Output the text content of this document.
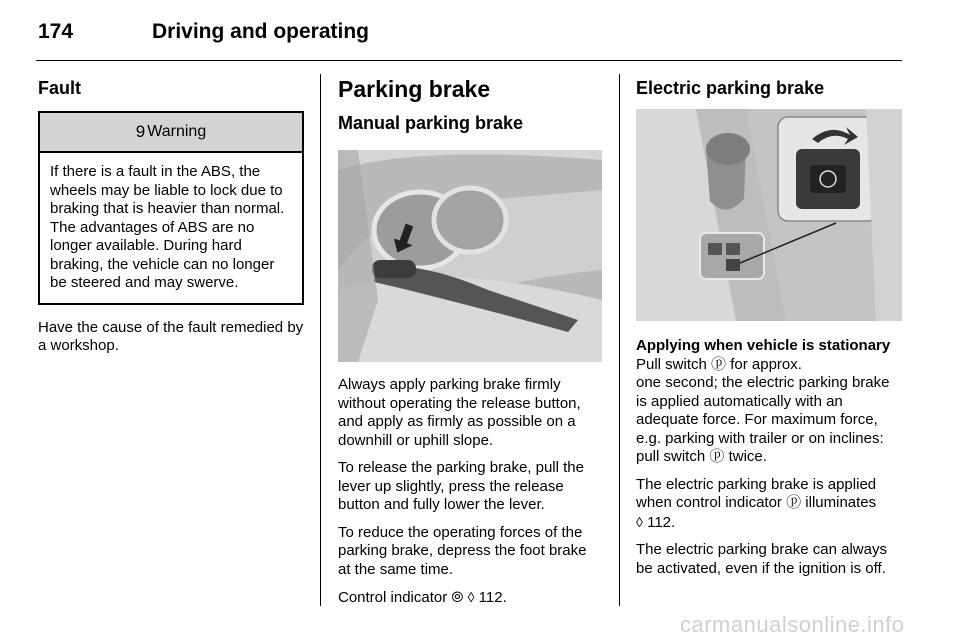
174	Driving and operating
Fault
9 Warning
If there is a fault in the ABS, the wheels may be liable to lock due to braking that is heavier than normal. The advantages of ABS are no longer available. During hard braking, the vehicle can no longer be steered and may swerve.

Have the cause of the fault remedied by a workshop.

Parking brake
Manual parking brake

Always apply parking brake firmly without operating the release button, and apply as firmly as possible on a downhill or uphill slope.

To release the parking brake, pull the lever up slightly, press the release button and fully lower the lever.

To reduce the operating forces of the parking brake, depress the foot brake at the same time.

Control indicator ⦾ ◊ 112.

Electric parking brake

Applying when vehicle is stationary

Pull switch ⓟ for approx.

one second; the electric parking brake is applied automatically with an adequate force. For maximum force, e.g. parking with trailer or on inclines: pull switch ⓟ twice.

The electric parking brake is applied when control indicator ⓟ illuminates
◊ 112.

The electric parking brake can always be activated, even if the ignition is off.

carmanualsonline.info
